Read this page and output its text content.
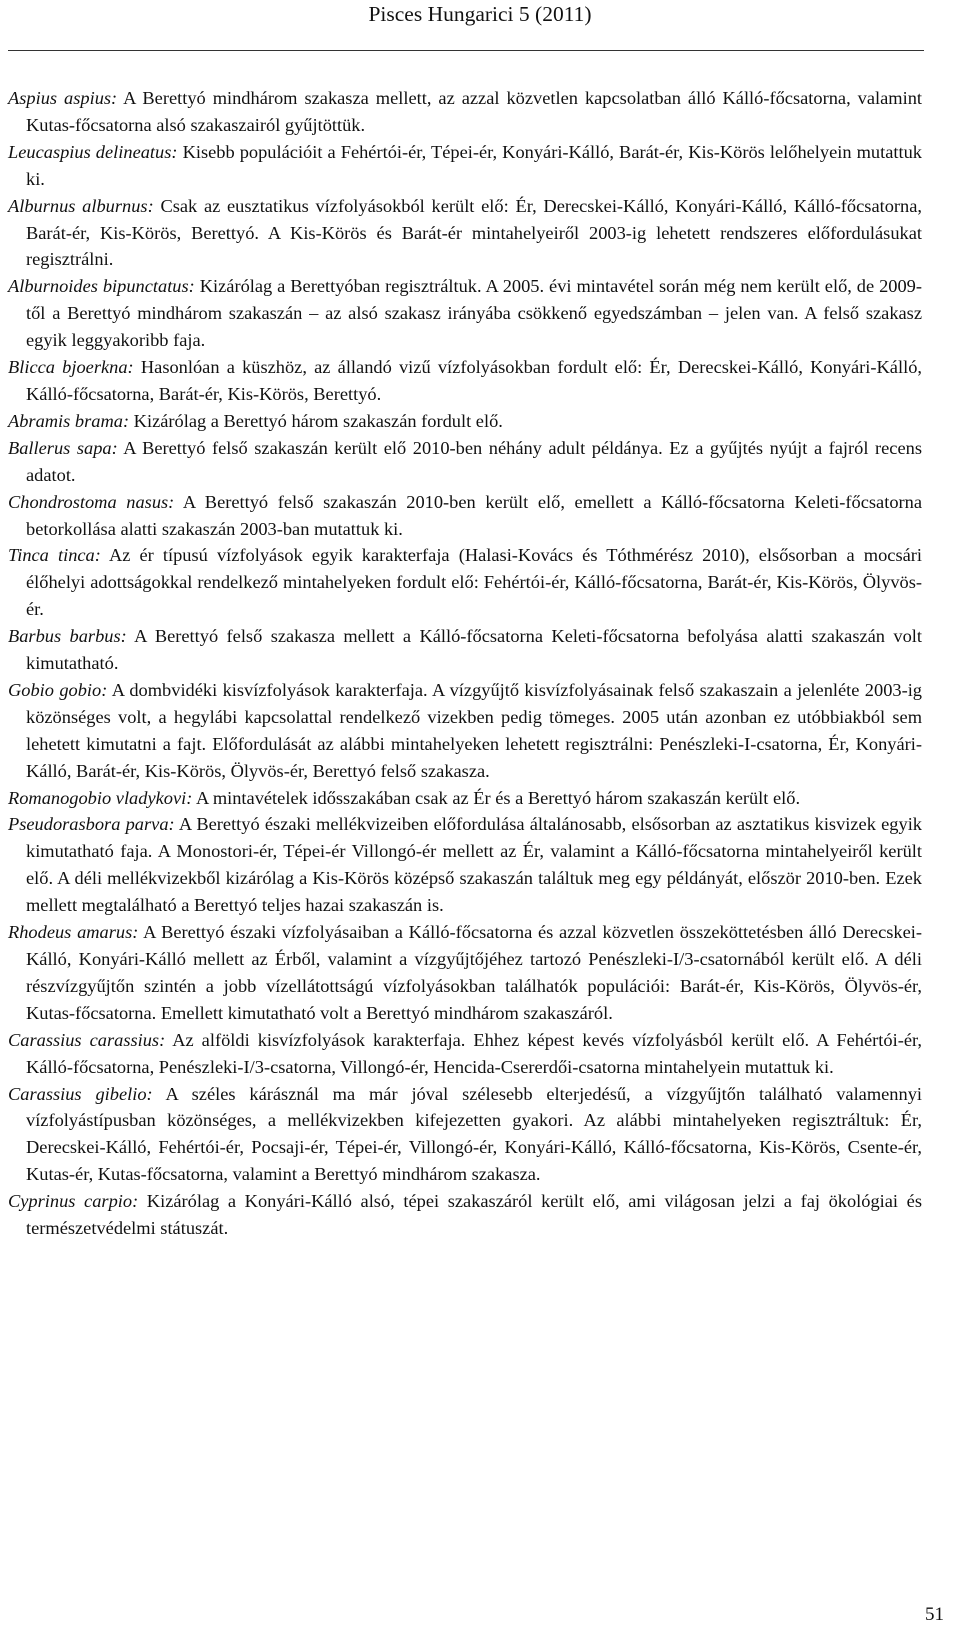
Pisces Hungarici 5 (2011)

Aspius aspius: A Berettyó mindhárom szakasza mellett, az azzal közvetlen kapcsolatban álló Kálló-főcsatorna, valamint Kutas-főcsatorna alsó szakaszairól gyűjtöttük.

Leucaspius delineatus: Kisebb populációit a Fehértói-ér, Tépei-ér, Konyári-Kálló, Barát-ér, Kis-Körös lelőhelyein mutattuk ki.

Alburnus alburnus: Csak az eusztatikus vízfolyásokból került elő: Ér, Derecskei-Kálló, Konyári-Kálló, Kálló-főcsatorna, Barát-ér, Kis-Körös, Berettyó. A Kis-Körös és Barát-ér mintahelyeiről 2003-ig lehetett rendszeres előfordulásukat regisztrálni.

Alburnoides bipunctatus: Kizárólag a Berettyóban regisztráltuk. A 2005. évi mintavétel során még nem került elő, de 2009-től a Berettyó mindhárom szakaszán – az alsó szakasz irányába csökkenő egyedszámban – jelen van. A felső szakasz egyik leggyakoribb faja.

Blicca bjoerkna: Hasonlóan a küszhöz, az állandó vizű vízfolyásokban fordult elő: Ér, Derecskei-Kálló, Konyári-Kálló, Kálló-főcsatorna, Barát-ér, Kis-Körös, Berettyó.

Abramis brama: Kizárólag a Berettyó három szakaszán fordult elő.

Ballerus sapa: A Berettyó felső szakaszán került elő 2010-ben néhány adult példánya. Ez a gyűjtés nyújt a fajról recens adatot.

Chondrostoma nasus: A Berettyó felső szakaszán 2010-ben került elő, emellett a Kálló-főcsatorna Keleti-főcsatorna betorkollása alatti szakaszán 2003-ban mutattuk ki.

Tinca tinca: Az ér típusú vízfolyások egyik karakterfaja (Halasi-Kovács és Tóthmérész 2010), elsősorban a mocsári élőhelyi adottságokkal rendelkező mintahelyeken fordult elő: Fehértói-ér, Kálló-főcsatorna, Barát-ér, Kis-Körös, Ölyvös-ér.

Barbus barbus: A Berettyó felső szakasza mellett a Kálló-főcsatorna Keleti-főcsatorna befolyása alatti szakaszán volt kimutatható.

Gobio gobio: A dombvidéki kisvízfolyások karakterfaja. A vízgyűjtő kisvízfolyásainak felső szakaszain a jelenléte 2003-ig közönséges volt, a hegylábi kapcsolattal rendelkező vizekben pedig tömeges. 2005 után azonban ez utóbbiakból sem lehetett kimutatni a fajt. Előfordulását az alábbi mintahelyeken lehetett regisztrálni: Penészleki-I-csatorna, Ér, Konyári-Kálló, Barát-ér, Kis-Körös, Ölyvös-ér, Berettyó felső szakasza.

Romanogobio vladykovi: A mintavételek idősszakában csak az Ér és a Berettyó három szakaszán került elő.

Pseudorasbora parva: A Berettyó északi mellékvizeiben előfordulása általánosabb, elsősorban az asztatikus kisvizek egyik kimutatható faja. A Monostori-ér, Tépei-ér Villongó-ér mellett az Ér, valamint a Kálló-főcsatorna mintahelyeiről került elő. A déli mellékvizekből kizárólag a Kis-Körös középső szakaszán találtuk meg egy példányát, először 2010-ben. Ezek mellett megtalálható a Berettyó teljes hazai szakaszán is.

Rhodeus amarus: A Berettyó északi vízfolyásaiban a Kálló-főcsatorna és azzal közvetlen összeköttetésben álló Derecskei-Kálló, Konyári-Kálló mellett az Érből, valamint a vízgyűjtőjéhez tartozó Penészleki-I/3-csatornából került elő. A déli részvízgyűjtőn szintén a jobb vízellátottságú vízfolyásokban találhatók populációi: Barát-ér, Kis-Körös, Ölyvös-ér, Kutas-főcsatorna. Emellett kimutatható volt a Berettyó mindhárom szakaszáról.

Carassius carassius: Az alföldi kisvízfolyások karakterfaja. Ehhez képest kevés vízfolyásból került elő. A Fehértói-ér, Kálló-főcsatorna, Penészleki-I/3-csatorna, Villongó-ér, Hencida-Csererdői-csatorna mintahelyein mutattuk ki.

Carassius gibelio: A széles kárásznál ma már jóval szélesebb elterjedésű, a vízgyűjtőn található valamennyi vízfolyástípusban közönséges, a mellékvizekben kifejezetten gyakori. Az alábbi mintahelyeken regisztráltuk: Ér, Derecskei-Kálló, Fehértói-ér, Pocsaji-ér, Tépei-ér, Villongó-ér, Konyári-Kálló, Kálló-főcsatorna, Kis-Körös, Csente-ér, Kutas-ér, Kutas-főcsatorna, valamint a Berettyó mindhárom szakasza.

Cyprinus carpio: Kizárólag a Konyári-Kálló alsó, tépei szakaszáról került elő, ami világosan jelzi a faj ökológiai és természetvédelmi státuszát.

51
